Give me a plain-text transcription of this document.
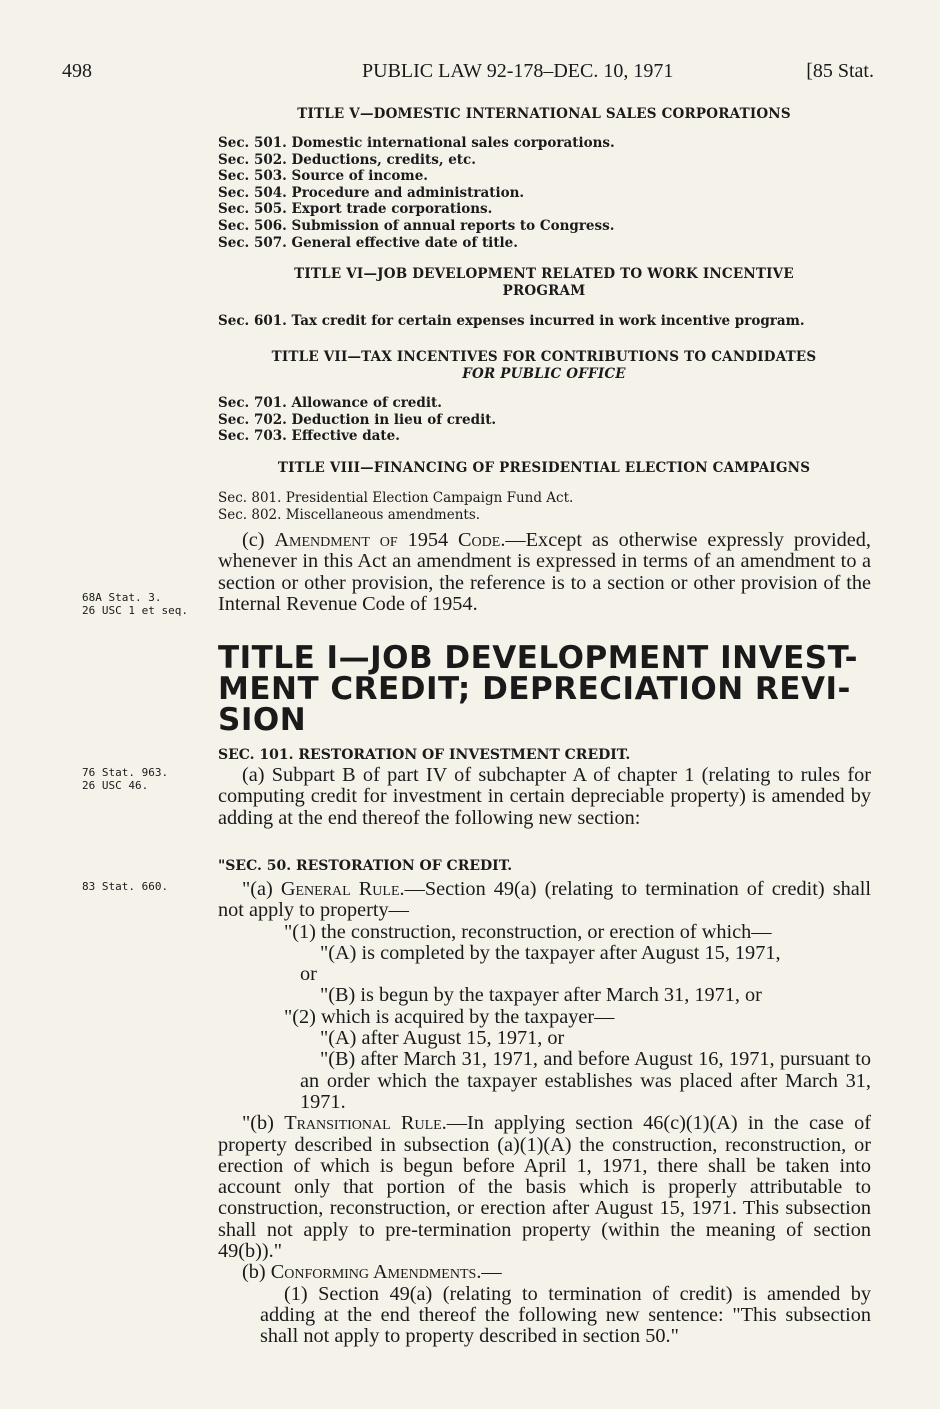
498	PUBLIC LAW 92-178–DEC. 10, 1971	[85 Stat.
TITLE V—DOMESTIC INTERNATIONAL SALES CORPORATIONS
Sec. 501. Domestic international sales corporations.
Sec. 502. Deductions, credits, etc.
Sec. 503. Source of income.
Sec. 504. Procedure and administration.
Sec. 505. Export trade corporations.
Sec. 506. Submission of annual reports to Congress.
Sec. 507. General effective date of title.
TITLE VI—JOB DEVELOPMENT RELATED TO WORK INCENTIVE
PROGRAM
Sec. 601. Tax credit for certain expenses incurred in work incentive program.
TITLE VII—TAX INCENTIVES FOR CONTRIBUTIONS TO CANDIDATES
FOR PUBLIC OFFICE
Sec. 701. Allowance of credit.
Sec. 702. Deduction in lieu of credit.
Sec. 703. Effective date.
TITLE VIII—FINANCING OF PRESIDENTIAL ELECTION CAMPAIGNS
Sec. 801. Presidential Election Campaign Fund Act.
Sec. 802. Miscellaneous amendments.

(c) Amendment of 1954 Code.—Except as otherwise expressly provided, whenever in this Act an amendment is expressed in terms of an amendment to a section or other provision, the reference is to a section or other provision of the Internal Revenue Code of 1954.

68A Stat. 3.
26 USC 1 et seq.
TITLE I—JOB DEVELOPMENT INVEST-
MENT CREDIT; DEPRECIATION REVI-
SION
SEC. 101. RESTORATION OF INVESTMENT CREDIT.
76 Stat. 963.
26 USC 46.	(a) Subpart B of part IV of subchapter A of chapter 1 (relating to rules for computing credit for investment in certain depreciable property) is amended by adding at the end thereof the following new section:

"SEC. 50. RESTORATION OF CREDIT.
83 Stat. 660.	"(a) General Rule.—Section 49(a) (relating to termination of credit) shall not apply to property—

"(1) the construction, reconstruction, or erection of which—

"(A) is completed by the taxpayer after August 15, 1971,

or

"(B) is begun by the taxpayer after March 31, 1971, or

"(2) which is acquired by the taxpayer—

"(A) after August 15, 1971, or

"(B) after March 31, 1971, and before August 16, 1971, pursuant to an order which the taxpayer establishes was placed after March 31, 1971.

"(b) Transitional Rule.—In applying section 46(c)(1)(A) in the case of property described in subsection (a)(1)(A) the construction, reconstruction, or erection of which is begun before April 1, 1971, there shall be taken into account only that portion of the basis which is properly attributable to construction, reconstruction, or erection after August 15, 1971. This subsection shall not apply to pre-termination property (within the meaning of section 49(b))."

(b) Conforming Amendments.—

(1) Section 49(a) (relating to termination of credit) is amended by adding at the end thereof the following new sentence: "This subsection shall not apply to property described in section 50."
